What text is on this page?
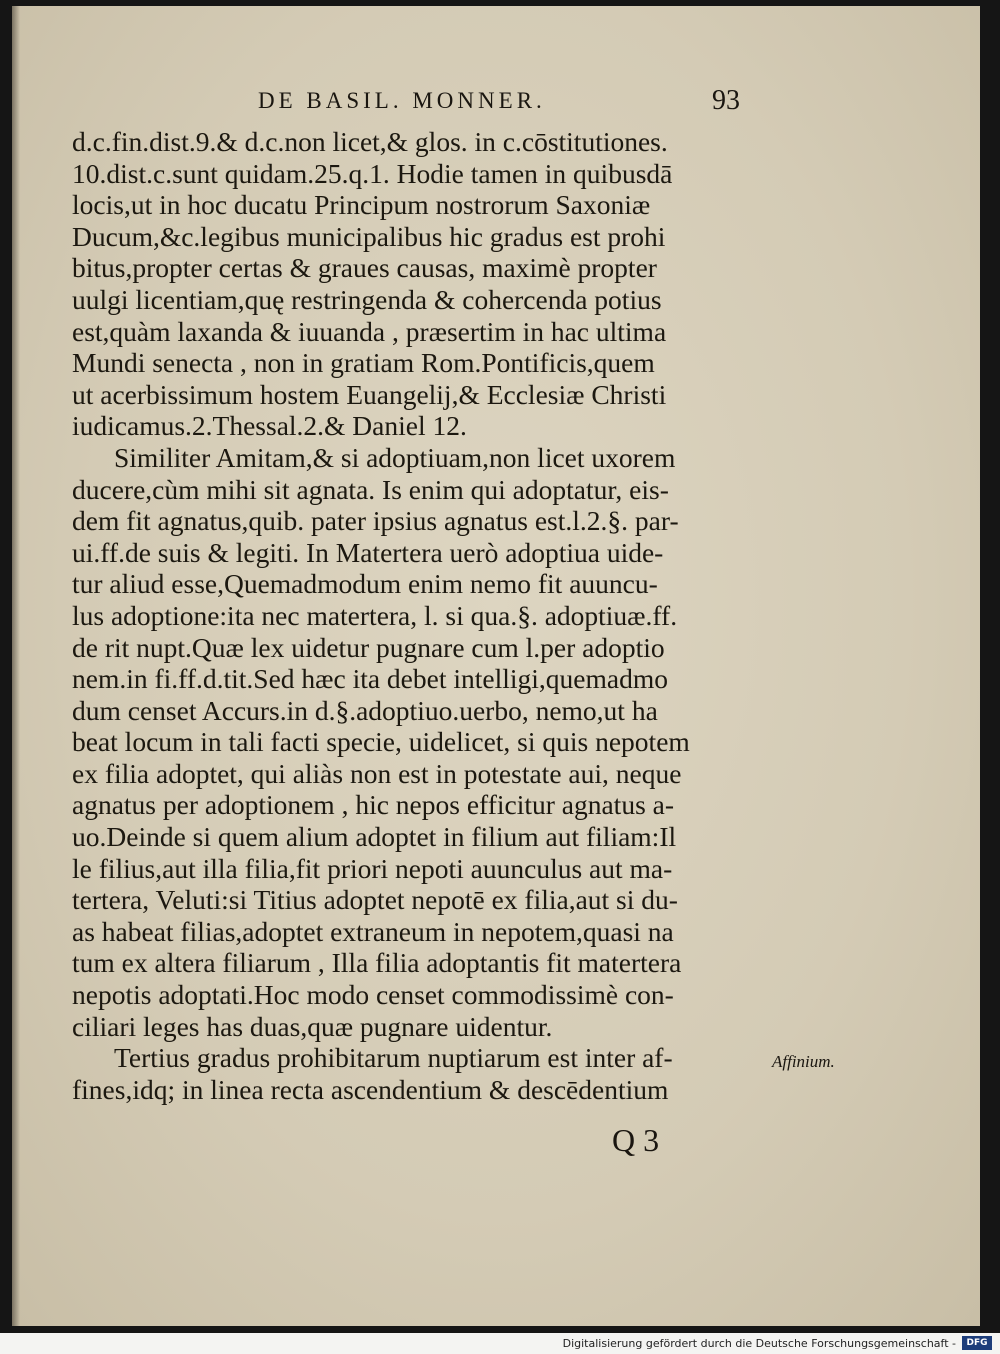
DE BASIL. MONNER.	93
d.c.fin.dist.9.& d.c.non licet,& glos. in c.cōstitutiones.
10.dist.c.sunt quidam.25.q.1. Hodie tamen in quibusdā
locis,ut in hoc ducatu Principum nostrorum Saxoniæ
Ducum,&c.legibus municipalibus hic gradus est prohi
bitus,propter certas & graues causas, maximè propter
uulgi licentiam,quę restringenda & cohercenda potius
est,quàm laxanda & iuuanda , præsertim in hac ultima
Mundi senecta , non in gratiam Rom.Pontificis,quem
ut acerbissimum hostem Euangelij,& Ecclesiæ Christi
iudicamus.2.Thessal.2.& Daniel 12.
Similiter Amitam,& si adoptiuam,non licet uxorem
ducere,cùm mihi sit agnata. Is enim qui adoptatur, eis-
dem fit agnatus,quib. pater ipsius agnatus est.l.2.§. par-
ui.ff.de suis & legiti. In Matertera uerò adoptiua uide-
tur aliud esse,Quemadmodum enim nemo fit auuncu-
lus adoptione:ita nec matertera, l. si qua.§. adoptiuæ.ff.
de rit nupt.Quæ lex uidetur pugnare cum l.per adoptio
nem.in fi.ff.d.tit.Sed hæc ita debet intelligi,quemadmo
dum censet Accurs.in d.§.adoptiuo.uerbo, nemo,ut ha
beat locum in tali facti specie, uidelicet, si quis nepotem
ex filia adoptet, qui aliàs non est in potestate aui, neque
agnatus per adoptionem , hic nepos efficitur agnatus a-
uo.Deinde si quem alium adoptet in filium aut filiam:Il
le filius,aut illa filia,fit priori nepoti auunculus aut ma-
tertera, Veluti:si Titius adoptet nepotē ex filia,aut si du-
as habeat filias,adoptet extraneum in nepotem,quasi na
tum ex altera filiarum , Illa filia adoptantis fit matertera
nepotis adoptati.Hoc modo censet commodissimè con-
ciliari leges has duas,quæ pugnare uidentur.
Tertius gradus prohibitarum nuptiarum est inter af-
fines,idq; in linea recta ascendentium & descēdentium
Affinium.
Q 3
Digitalisierung gefördert durch die Deutsche Forschungsgemeinschaft -	DFG
